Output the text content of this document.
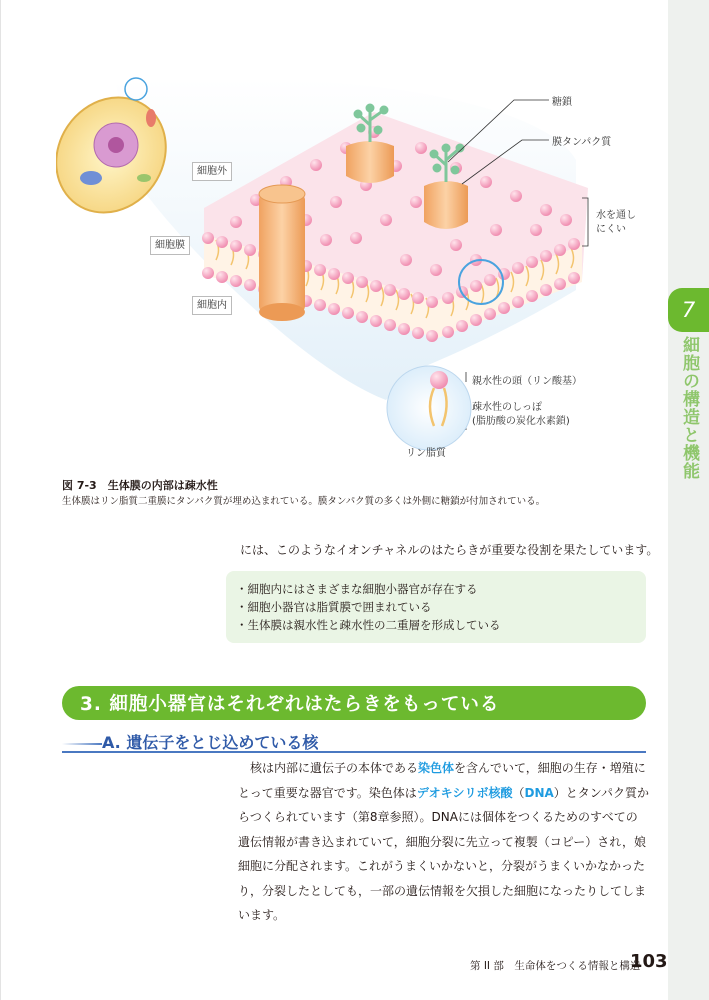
7
細胞の構造と機能
細胞外
細胞膜
細胞内
糖鎖
膜タンパク質
水を通し
にくい
親水性の頭（リン酸基）
疎水性のしっぽ
(脂肪酸の炭化水素鎖)
リン脂質
図 7-3　生体膜の内部は疎水性
生体膜はリン脂質二重膜にタンパク質が埋め込まれている。膜タンパク質の多くは外側に糖鎖が付加されている。
には、このようなイオンチャネルのはたらきが重要な役割を果たしています。
・細胞内にはさまざまな細胞小器官が存在する
・細胞小器官は脂質膜で囲まれている
・生体膜は親水性と疎水性の二重層を形成している
3. 細胞小器官はそれぞれはたらきをもっている
A. 遺伝子をとじ込めている核
　核は内部に遺伝子の本体である染色体を含んでいて，細胞の生存・増殖に
とって重要な器官です。染色体はデオキシリボ核酸（DNA）とタンパク質か
らつくられています（第8章参照）。DNAには個体をつくるためのすべての
遺伝情報が書き込まれていて，細胞分裂に先立って複製（コピー）され，娘
細胞に分配されます。これがうまくいかないと，分裂がうまくいかなかった
り，分裂したとしても，一部の遺伝情報を欠損した細胞になったりしてしま
います。
第 II 部　生命体をつくる情報と構造
103
